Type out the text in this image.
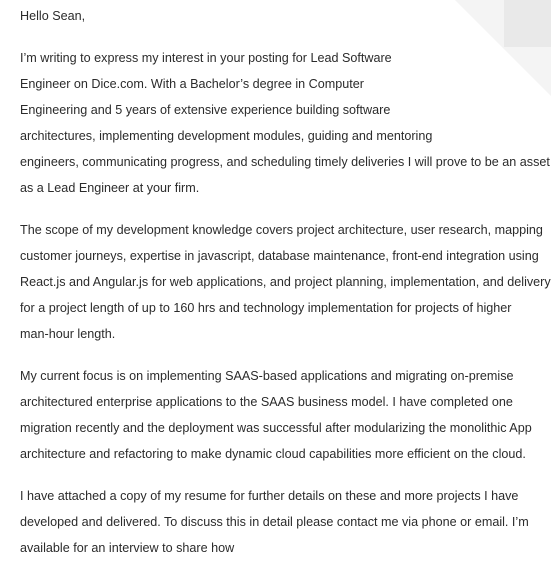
Hello Sean,

I’m writing to express my interest in your posting for Lead Software
Engineer on Dice.com. With a Bachelor’s degree in Computer
Engineering and 5 years of extensive experience building software
architectures, implementing development modules, guiding and mentoring
engineers, communicating progress, and scheduling timely deliveries I will prove to be an asset
as a Lead Engineer at your firm.
The scope of my development knowledge covers project architecture, user research, mapping
customer journeys, expertise in javascript, database maintenance, front-end integration using
React.js and Angular.js for web applications, and project planning, implementation, and delivery
for a project length of up to 160 hrs and technology implementation for projects of higher
man-hour length.
My current focus is on implementing SAAS-based applications and migrating on-premise
architectured enterprise applications to the SAAS business model. I have completed one
migration recently and the deployment was successful after modularizing the monolithic App
architecture and refactoring to make dynamic cloud capabilities more efficient on the cloud.
I have attached a copy of my resume for further details on these and more projects I have
developed and delivered. To discuss this in detail please contact me via phone or email. I’m
available for an interview to share how
